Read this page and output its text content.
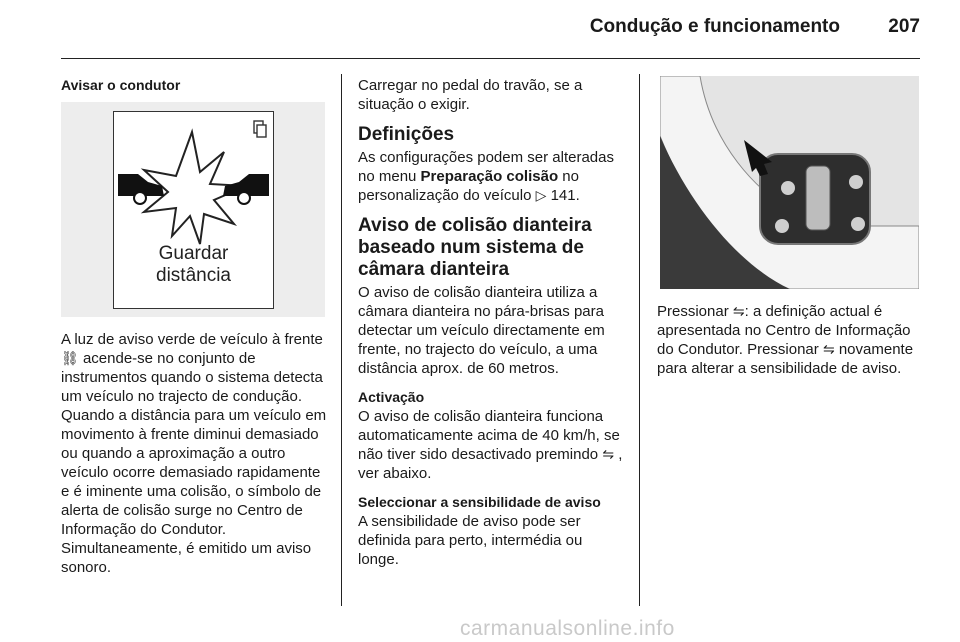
Condução e funcionamento	207
Avisar o condutor
Guardar
distância

A luz de aviso verde de veículo à frente ⛓ acende-se no conjunto de instrumentos quando o sistema detecta um veículo no trajecto de condução. Quando a distância para um veículo em movimento à frente diminui demasiado ou quando a aproximação a outro veículo ocorre demasiado rapidamente e é iminente uma colisão, o símbolo de alerta de colisão surge no Centro de Informação do Condutor. Simultaneamente, é emitido um aviso sonoro.

Carregar no pedal do travão, se a situação o exigir.

Definições

As configurações podem ser alteradas no menu Preparação colisão no personalização do veículo ▷ 141.

Aviso de colisão dianteira baseado num sistema de câmara dianteira

O aviso de colisão dianteira utiliza a câmara dianteira no pára-brisas para detectar um veículo directamente em frente, no trajecto do veículo, a uma distância aprox. de 60 metros.

Activação

O aviso de colisão dianteira funciona automaticamente acima de 40 km/h, se não tiver sido desactivado premindo ⇋ , ver abaixo.

Seleccionar a sensibilidade de aviso

A sensibilidade de aviso pode ser definida para perto, intermédia ou longe.

Pressionar ⇋: a definição actual é apresentada no Centro de Informação do Condutor. Pressionar ⇋ novamente para alterar a sensibilidade de aviso.

carmanualsonline.info
